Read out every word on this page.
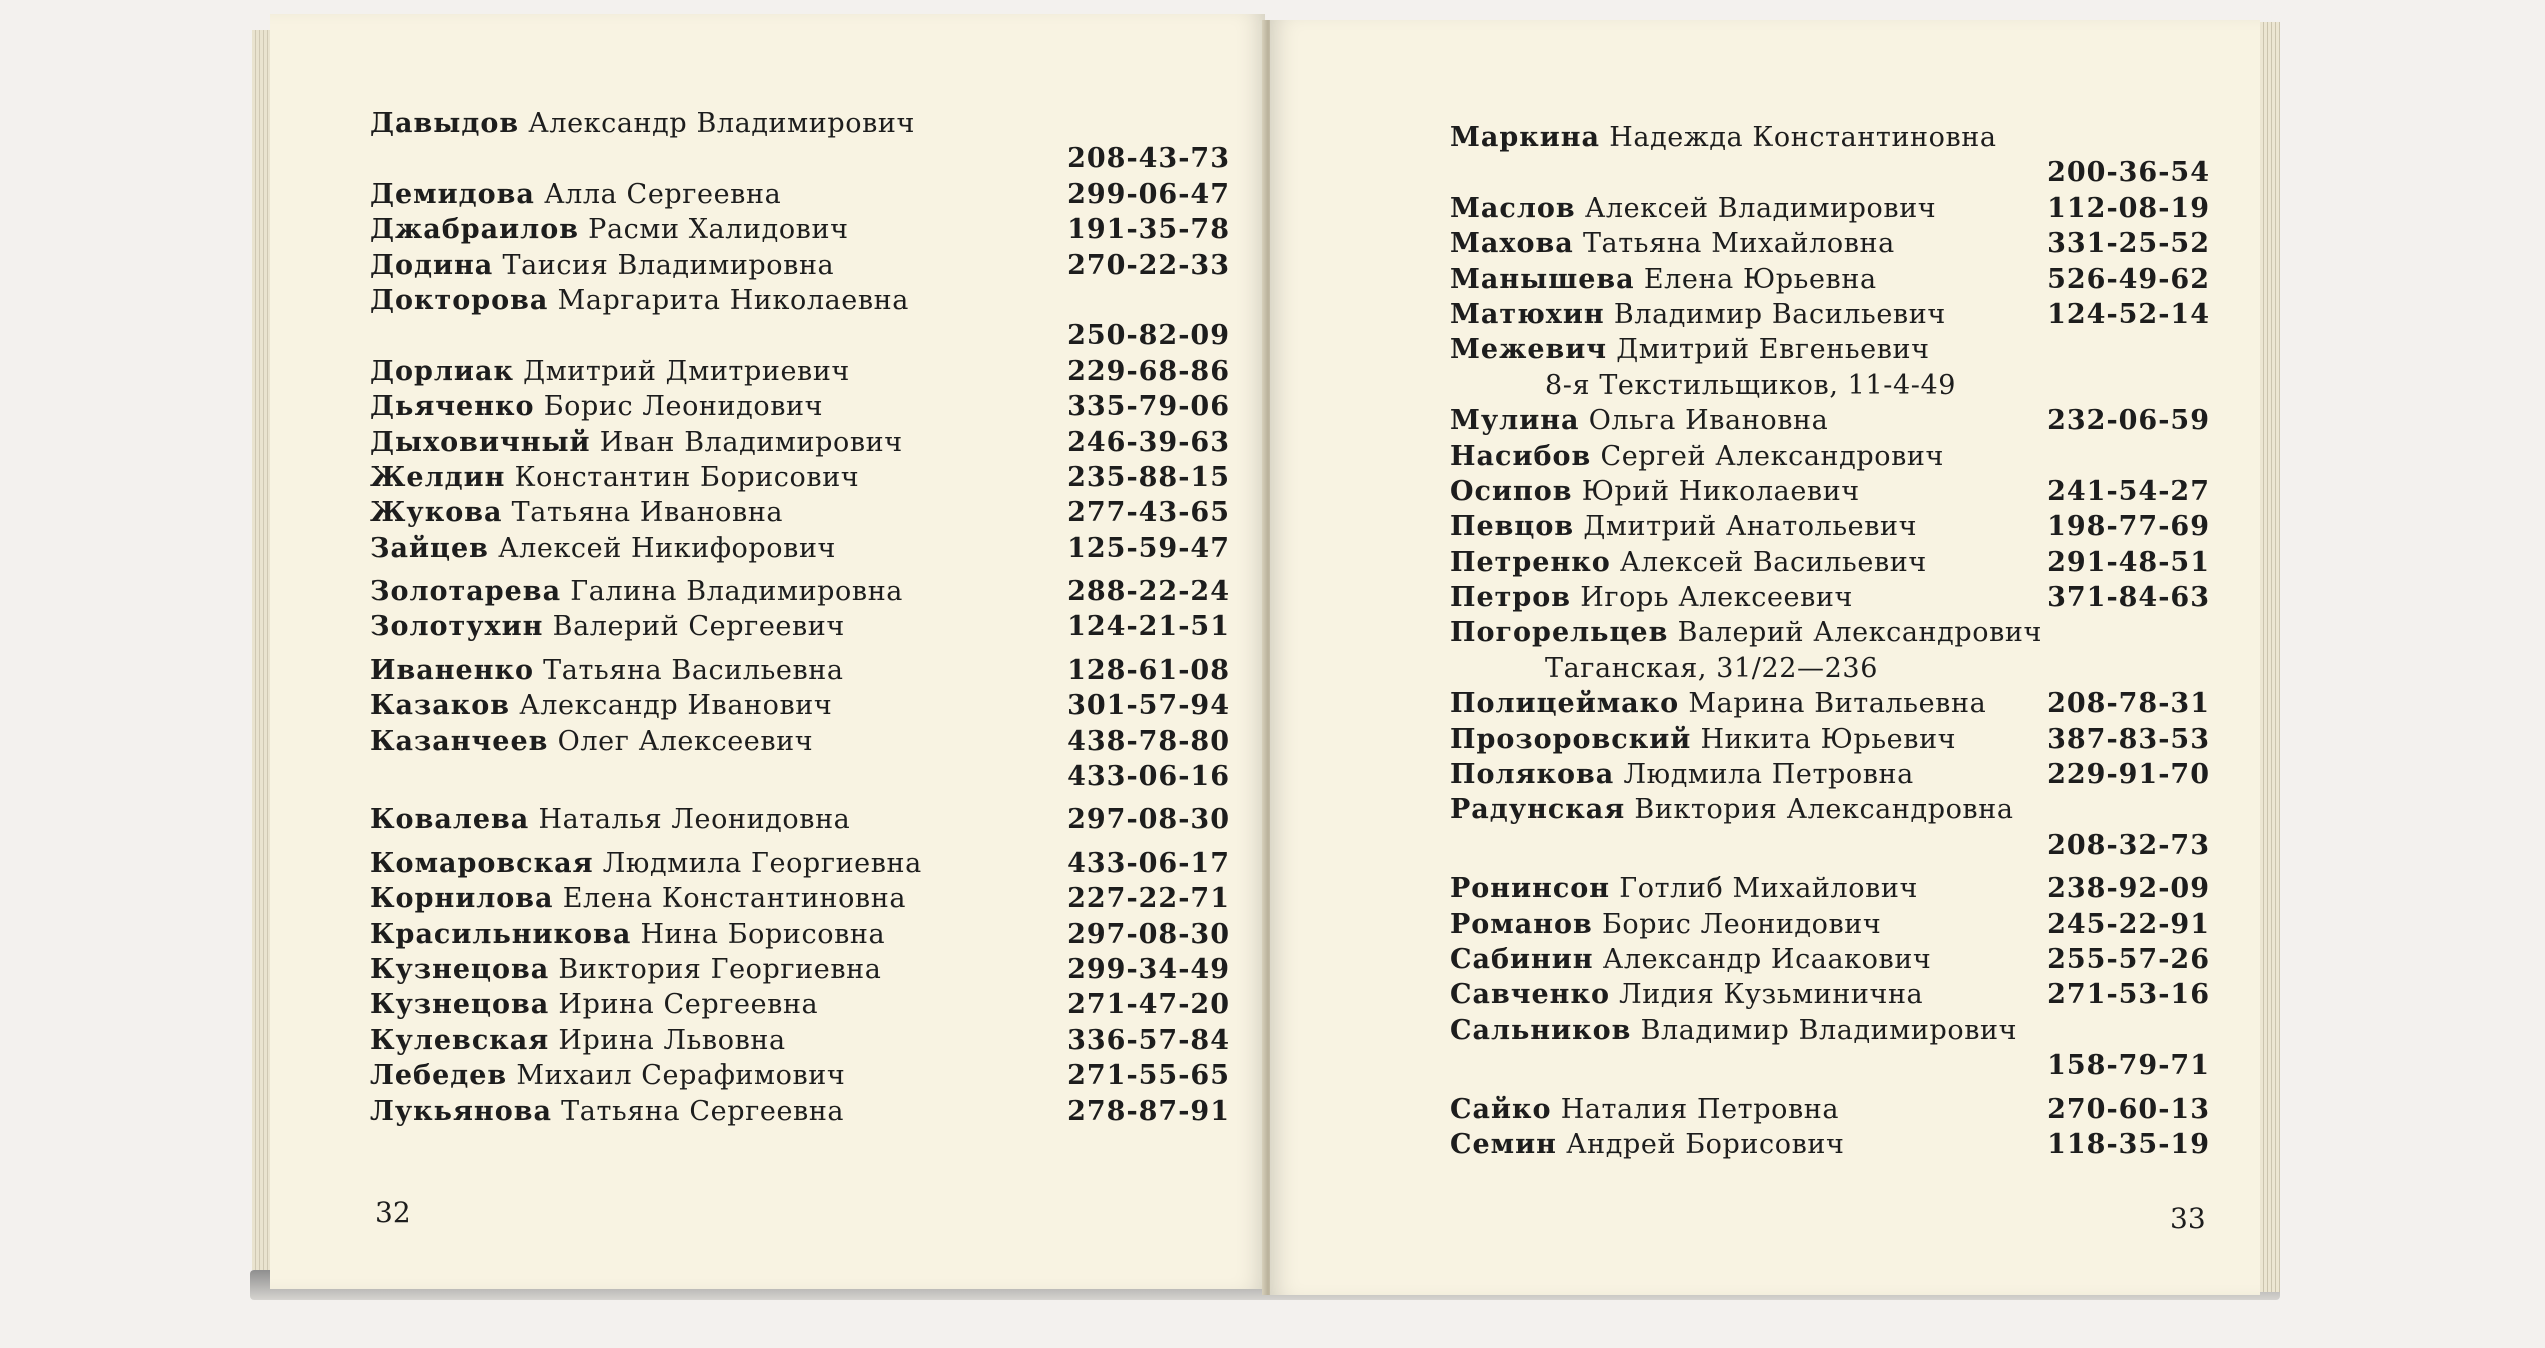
Давыдов Александр Владимирович
208-43-73
Демидова Алла Сергеевна	299-06-47
Джабраилов Расми Халидович	191-35-78
Додина Таисия Владимировна	270-22-33
Докторова Маргарита Николаевна
250-82-09
Дорлиак Дмитрий Дмитриевич	229-68-86
Дьяченко Борис Леонидович	335-79-06
Дыховичный Иван Владимирович	246-39-63
Желдин Константин Борисович	235-88-15
Жукова Татьяна Ивановна	277-43-65
Зайцев Алексей Никифорович	125-59-47
Золотарева Галина Владимировна	288-22-24
Золотухин Валерий Сергеевич	124-21-51
Иваненко Татьяна Васильевна	128-61-08
Казаков Александр Иванович	301-57-94
Казанчеев Олег Алексеевич	438-78-80
433-06-16
Ковалева Наталья Леонидовна	297-08-30
Комаровская Людмила Георгиевна	433-06-17
Корнилова Елена Константиновна	227-22-71
Красильникова Нина Борисовна	297-08-30
Кузнецова Виктория Георгиевна	299-34-49
Кузнецова Ирина Сергеевна	271-47-20
Кулевская Ирина Львовна	336-57-84
Лебедев Михаил Серафимович	271-55-65
Лукьянова Татьяна Сергеевна	278-87-91
32
Маркина Надежда Константиновна
200-36-54
Маслов Алексей Владимирович	112-08-19
Махова Татьяна Михайловна	331-25-52
Манышева Елена Юрьевна	526-49-62
Матюхин Владимир Васильевич	124-52-14
Межевич Дмитрий Евгеньевич
8-я Текстильщиков, 11-4-49
Мулина Ольга Ивановна	232-06-59
Насибов Сергей Александрович
Осипов Юрий Николаевич	241-54-27
Певцов Дмитрий Анатольевич	198-77-69
Петренко Алексей Васильевич	291-48-51
Петров Игорь Алексеевич	371-84-63
Погорельцев Валерий Александрович
Таганская, 31/22—236
Полицеймако Марина Витальевна 208-78-31
Прозоровский Никита Юрьевич	387-83-53
Полякова Людмила Петровна	229-91-70
Радунская Виктория Александровна
208-32-73
Ронинсон Готлиб Михайлович	238-92-09
Романов Борис Леонидович	245-22-91
Сабинин Александр Исаакович	255-57-26
Савченко Лидия Кузьминична	271-53-16
Сальников Владимир Владимирович
158-79-71
Сайко Наталия Петровна	270-60-13
Семин Андрей Борисович	118-35-19
33
